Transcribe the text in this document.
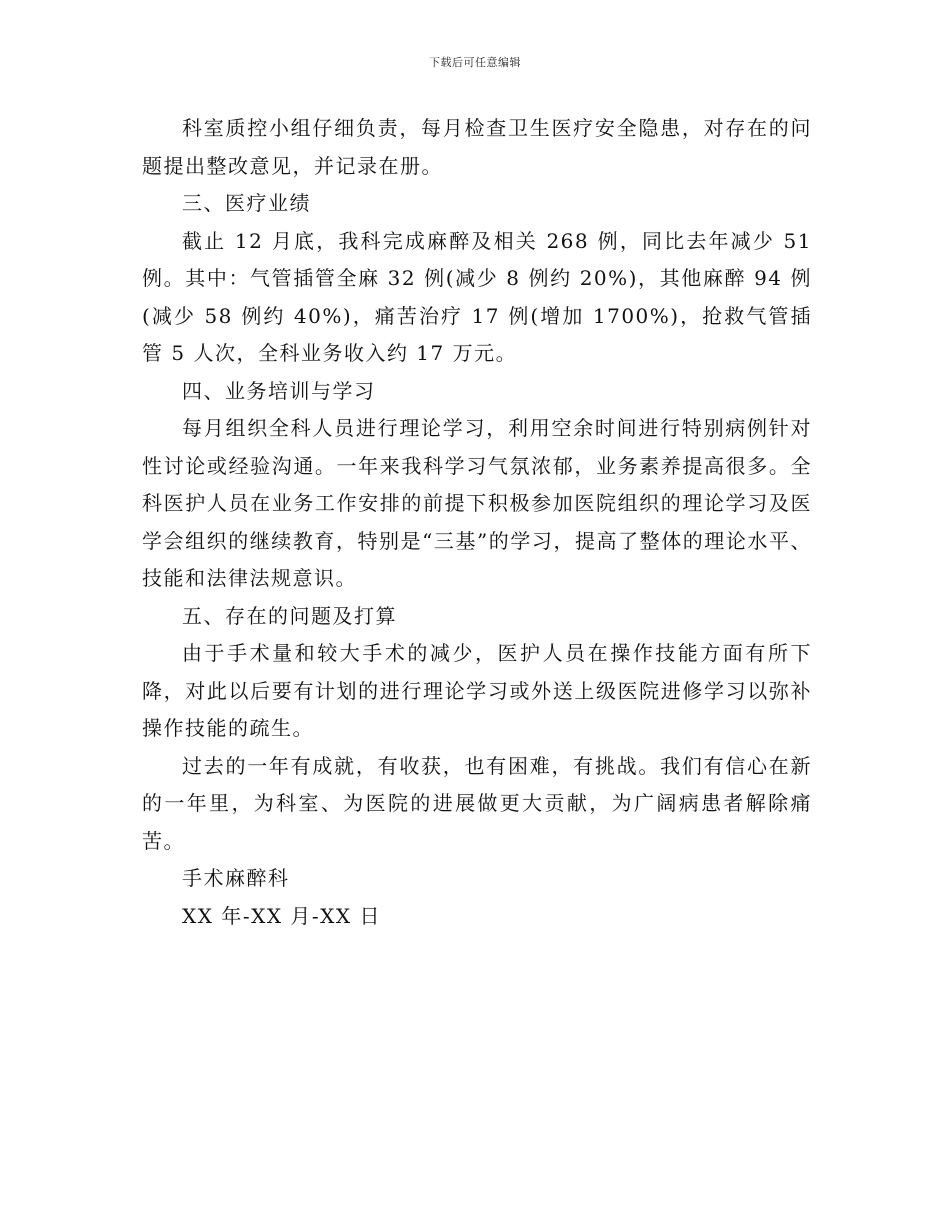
下载后可任意编辑

科室质控小组仔细负责，每月检查卫生医疗安全隐患，对存在的问题提出整改意见，并记录在册。

三、医疗业绩

截止 12 月底，我科完成麻醉及相关 268 例，同比去年减少 51 例。其中：气管插管全麻 32 例(减少 8 例约 20%)，其他麻醉 94 例(减少 58 例约 40%)，痛苦治疗 17 例(增加 1700%)，抢救气管插管 5 人次，全科业务收入约 17 万元。

四、业务培训与学习

每月组织全科人员进行理论学习，利用空余时间进行特别病例针对性讨论或经验沟通。一年来我科学习气氛浓郁，业务素养提高很多。全科医护人员在业务工作安排的前提下积极参加医院组织的理论学习及医学会组织的继续教育，特别是“三基”的学习，提高了整体的理论水平、技能和法律法规意识。

五、存在的问题及打算

由于手术量和较大手术的减少，医护人员在操作技能方面有所下降，对此以后要有计划的进行理论学习或外送上级医院进修学习以弥补操作技能的疏生。

过去的一年有成就，有收获，也有困难，有挑战。我们有信心在新的一年里，为科室、为医院的进展做更大贡献，为广阔病患者解除痛苦。

手术麻醉科

XX 年-XX 月-XX 日
